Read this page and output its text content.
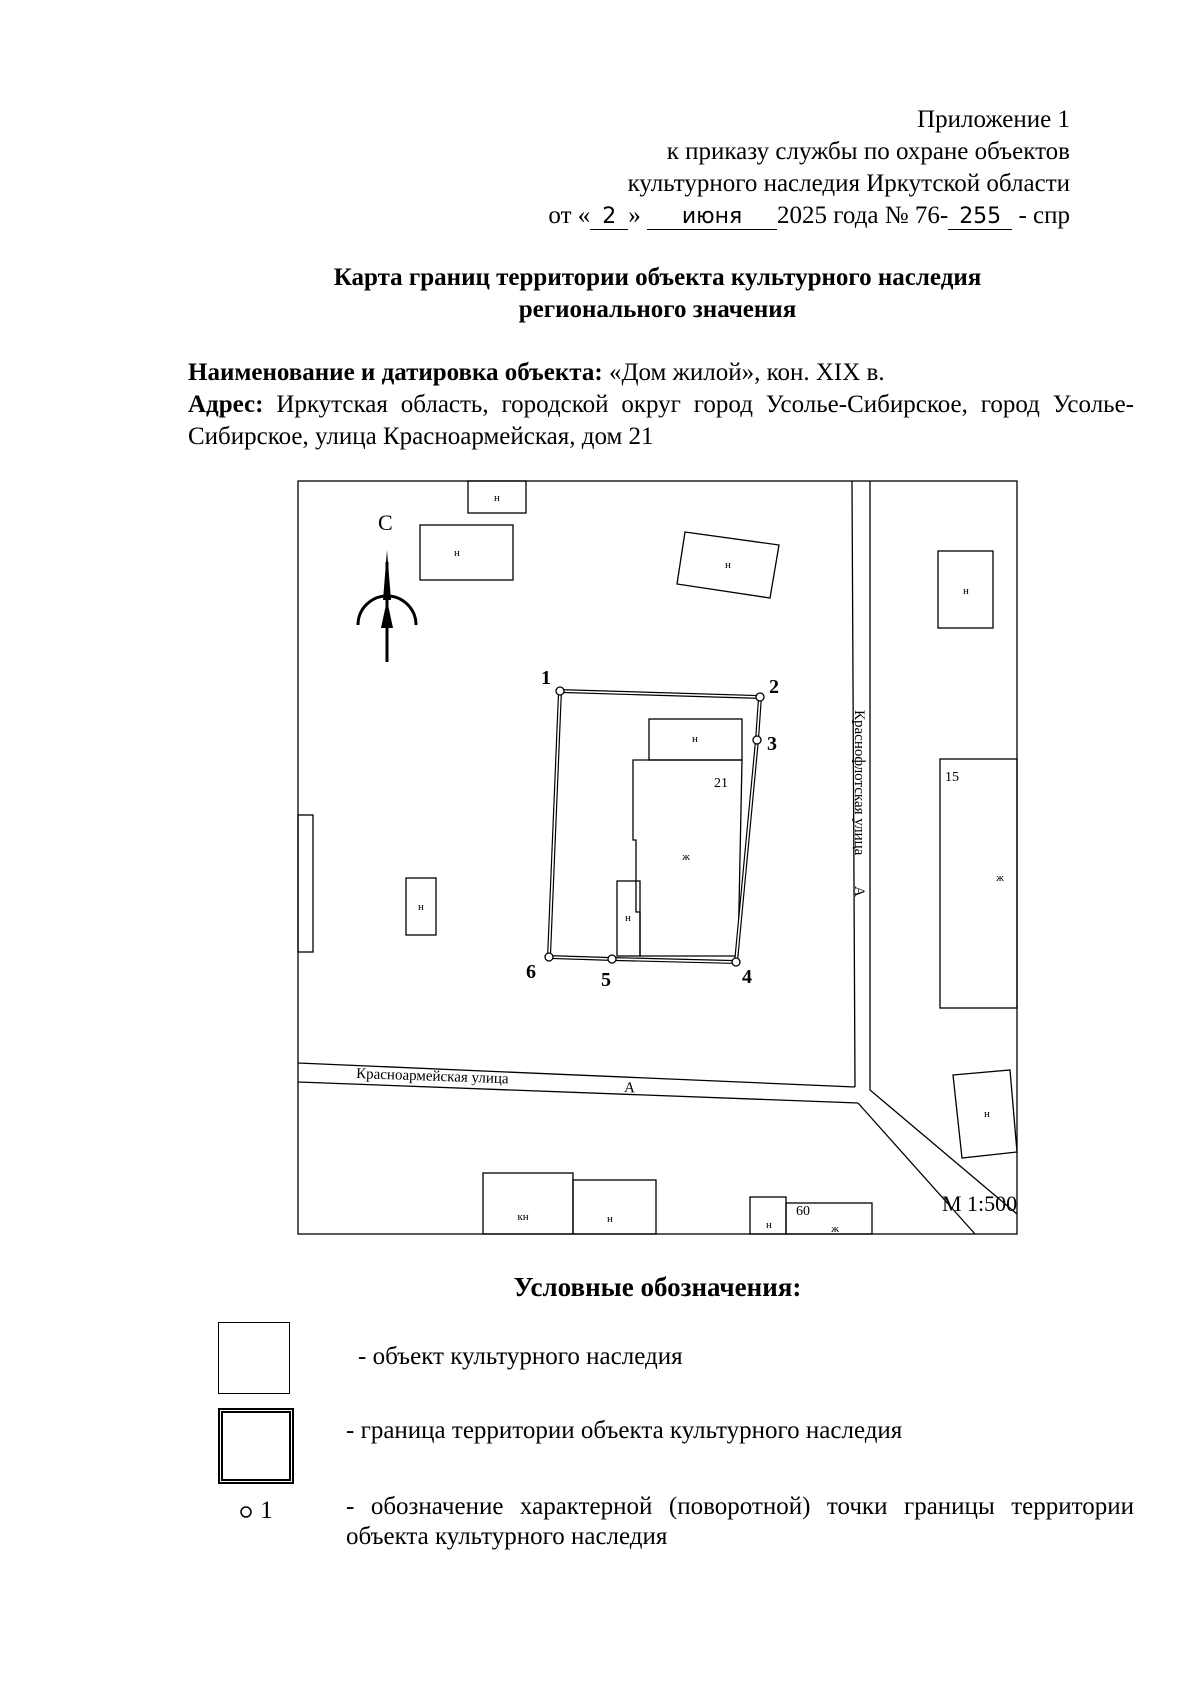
Приложение 1
к приказу службы по охране объектов
культурного наследия Иркутской области
от « 2 » июня 2025 года № 76- 255 - спр
Карта границ территории объекта культурного наследия
регионального значения
Наименование и датировка объекта: «Дом жилой», кон. XIX в.
Адрес: Иркутская область, городской округ город Усолье-Сибирское, город Усолье-Сибирское, улица Красноармейская, дом 21
1	2
3
4
5
6
С
н
н
н
н
н
ж
н
н
ж
н
кн	н	н	ж
21	15
60
Красноармейская улица
А
Краснофлотская улица
А
М 1:500
Условные обозначения:
- объект культурного наследия
- граница территории объекта культурного наследия
1	- обозначение характерной (поворотной) точки границы территории объекта культурного наследия
